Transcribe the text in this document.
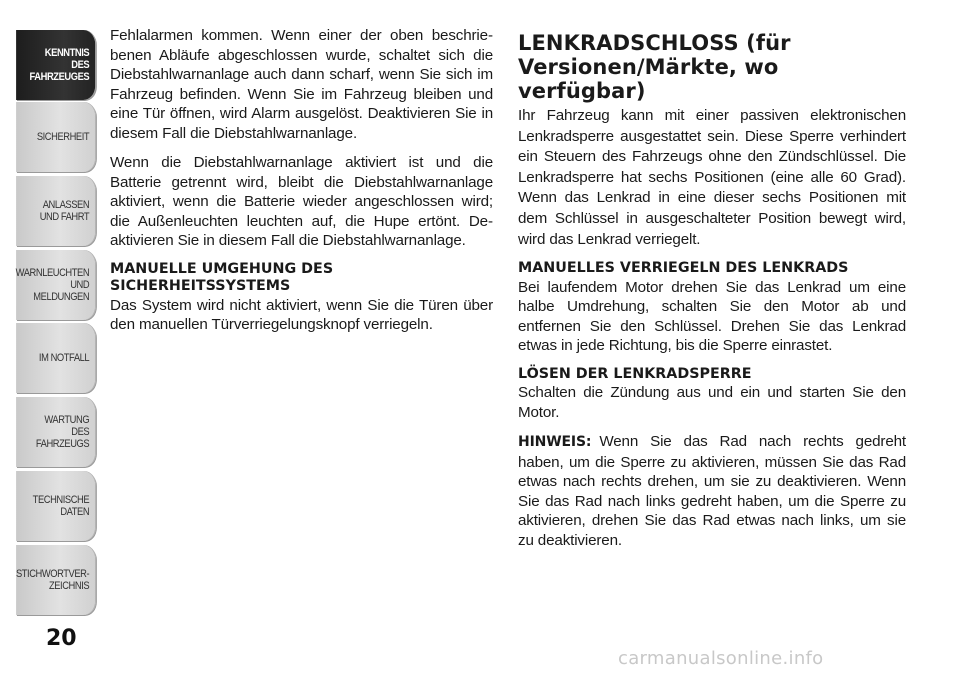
KENNTNIS
DES
FAHRZEUGES
SICHERHEIT
ANLASSEN
UND FAHRT
WARNLEUCHTEN
UND
MELDUNGEN
IM NOTFALL
WARTUNG
DES
FAHRZEUGS
TECHNISCHE
DATEN
STICHWORTVER-
ZEICHNIS
20

Fehlalarmen kommen. Wenn einer der oben beschriebenen Abläufe abgeschlossen wurde, schaltet sich die Diebstahlwarnanlage auch dann scharf, wenn Sie sich im Fahrzeug befinden. Wenn Sie im Fahrzeug bleiben und eine Tür öffnen, wird Alarm ausgelöst. Deaktivieren Sie in diesem Fall die Diebstahlwarnanlage.

Wenn die Diebstahlwarnanlage aktiviert ist und die Batterie getrennt wird, bleibt die Diebstahlwarnanlage aktiviert, wenn die Batterie wieder angeschlossen wird; die Außenleuchten leuchten auf, die Hupe ertönt. Deaktivieren Sie in diesem Fall die Diebstahlwarnanlage.

MANUELLE UMGEHUNG DES SICHERHEITSSYSTEMS

Das System wird nicht aktiviert, wenn Sie die Türen über den manuellen Türverriegelungsknopf verriegeln.

LENKRADSCHLOSS (für Versionen/Märkte, wo verfügbar)

Ihr Fahrzeug kann mit einer passiven elektronischen Lenkradsperre ausgestattet sein. Diese Sperre verhindert ein Steuern des Fahrzeugs ohne den Zündschlüssel. Die Lenkradsperre hat sechs Positionen (eine alle 60 Grad). Wenn das Lenkrad in eine dieser sechs Positionen mit dem Schlüssel in ausgeschalteter Position bewegt wird, wird das Lenkrad verriegelt.

MANUELLES VERRIEGELN DES LENKRADS

Bei laufendem Motor drehen Sie das Lenkrad um eine halbe Umdrehung, schalten Sie den Motor ab und entfernen Sie den Schlüssel. Drehen Sie das Lenkrad etwas in jede Richtung, bis die Sperre einrastet.

LÖSEN DER LENKRADSPERRE

Schalten die Zündung aus und ein und starten Sie den Motor.

HINWEIS: Wenn Sie das Rad nach rechts gedreht haben, um die Sperre zu aktivieren, müssen Sie das Rad etwas nach rechts drehen, um sie zu deaktivieren. Wenn Sie das Rad nach links gedreht haben, um die Sperre zu aktivieren, drehen Sie das Rad etwas nach links, um sie zu deaktivieren.

carmanualsonline.info
